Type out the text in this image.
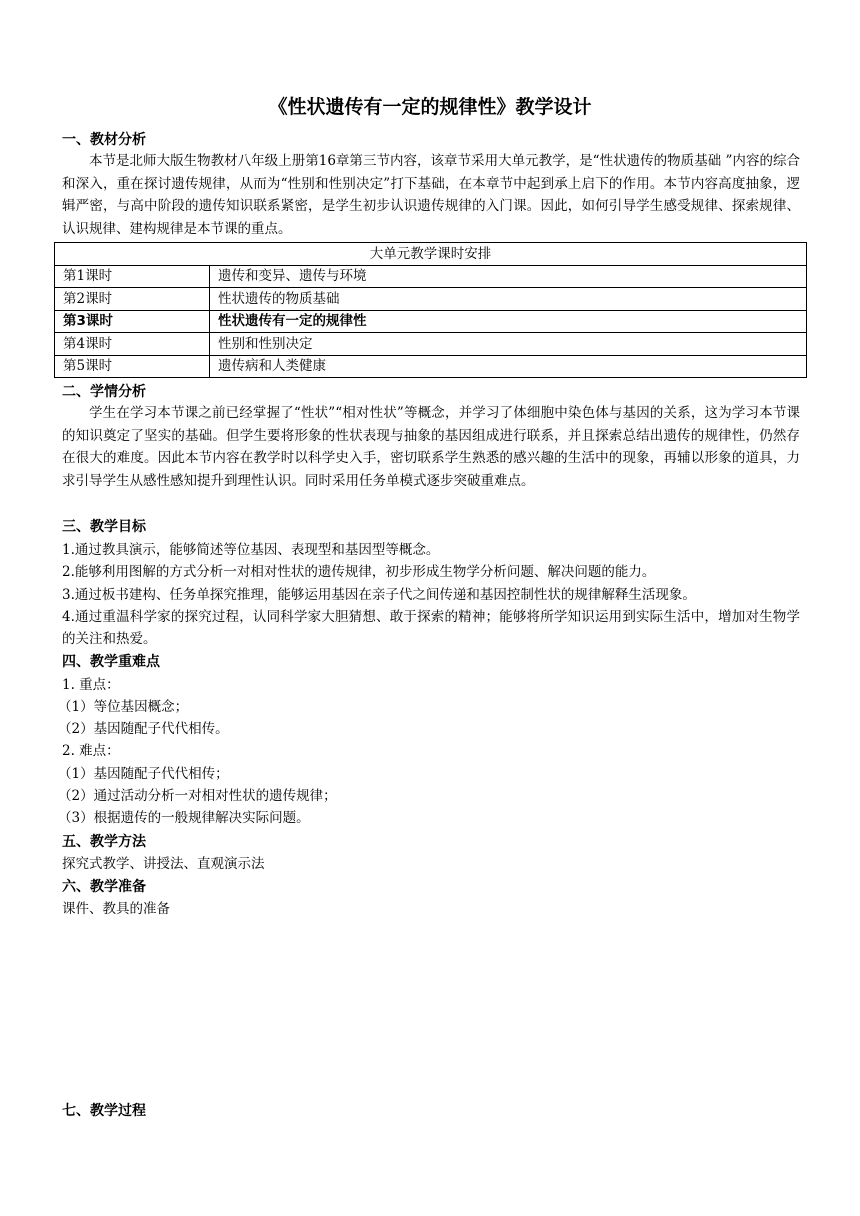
《性状遗传有一定的规律性》教学设计
一、教材分析
本节是北师大版生物教材八年级上册第16章第三节内容，该章节采用大单元教学，是“性状遗传的物质基础 ”内容的综合和深入，重在探讨遗传规律，从而为“性别和性别决定”打下基础，在本章节中起到承上启下的作用。本节内容高度抽象，逻辑严密，与高中阶段的遗传知识联系紧密，是学生初步认识遗传规律的入门课。因此，如何引导学生感受规律、探索规律、认识规律、建构规律是本节课的重点。
大单元教学课时安排	
第1课时	遗传和变异、遗传与环境
第2课时	性状遗传的物质基础
第3课时	性状遗传有一定的规律性
第4课时	性别和性别决定
第5课时	遗传病和人类健康
二、学情分析
学生在学习本节课之前已经掌握了“性状”“相对性状”等概念，并学习了体细胞中染色体与基因的关系，这为学习本节课的知识奠定了坚实的基础。但学生要将形象的性状表现与抽象的基因组成进行联系，并且探索总结出遗传的规律性，仍然存在很大的难度。因此本节内容在教学时以科学史入手，密切联系学生熟悉的感兴趣的生活中的现象，再辅以形象的道具，力求引导学生从感性感知提升到理性认识。同时采用任务单模式逐步突破重难点。
三、教学目标
1.通过教具演示，能够简述等位基因、表现型和基因型等概念。
2.能够利用图解的方式分析一对相对性状的遗传规律，初步形成生物学分析问题、解决问题的能力。
3.通过板书建构、任务单探究推理，能够运用基因在亲子代之间传递和基因控制性状的规律解释生活现象。
4.通过重温科学家的探究过程，认同科学家大胆猜想、敢于探索的精神；能够将所学知识运用到实际生活中，增加对生物学的关注和热爱。
四、教学重难点
1. 重点：
（1）等位基因概念；
（2）基因随配子代代相传。
2. 难点：
（1）基因随配子代代相传；
（2）通过活动分析一对相对性状的遗传规律；
（3）根据遗传的一般规律解决实际问题。
五、教学方法
探究式教学、讲授法、直观演示法
六、教学准备
课件、教具的准备
七、教学过程
